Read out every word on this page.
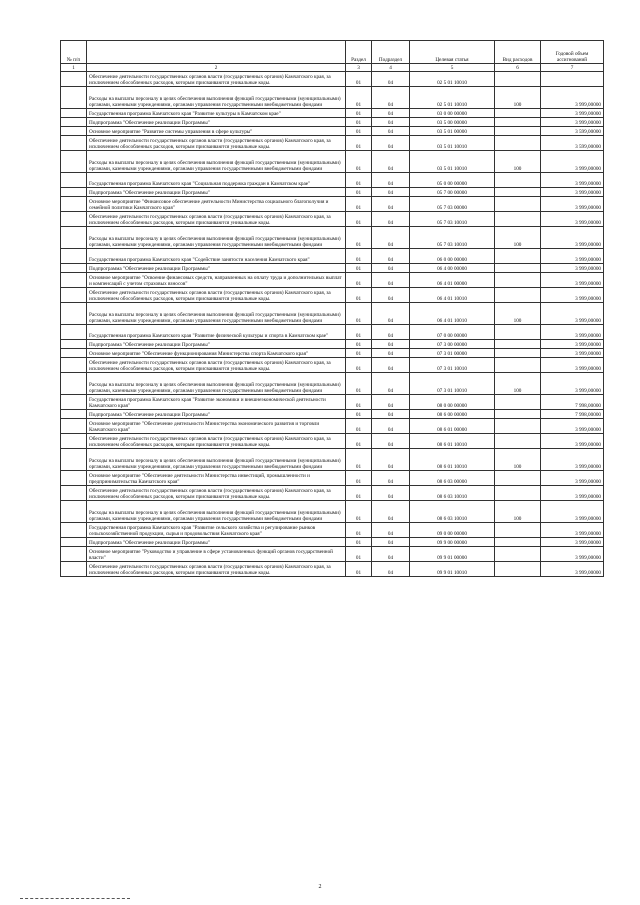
№ п/п		Раздел	Подраздел	Целевая статья	Вид расходов	Годовой объем ассигнований
1	2	3	4	5	6	7
	Обеспечение деятельности государственных органов власти (государственных органов) Камчатского края, за исключением обособленных расходов, которым присваиваются уникальные коды.	01	04	02 5 01 10010		
	Расходы на выплаты персоналу в целях обеспечения выполнения функций государственными (муниципальными) органами, казенными учреждениями, органами управления государственными внебюджетными фондами	01	04	02 5 01 10010	100	3 999,00000
	Государственная программа Камчатского края "Развитие культуры в Камчатском крае"	01	04	03 0 00 00000		3 999,00000
	Подпрограмма "Обеспечение реализации Программы"	01	04	03 5 00 00000		3 999,00000
	Основное мероприятие "Развитие системы управления в сфере культуры"	01	04	03 5 01 00000		3 599,00000
	Обеспечение деятельности государственных органов власти (государственных органов) Камчатского края, за исключением обособленных расходов, которым присваиваются уникальные коды.	01	04	03 5 01 10010		3 599,00000
	Расходы на выплаты персоналу в целях обеспечения выполнения функций государственными (муниципальными) органами, казенными учреждениями, органами управления государственными внебюджетными фондами	01	04	03 5 01 10010	100	3 999,00000
	Государственная программа Камчатского края "Социальная поддержка граждан в Камчатском крае"	01	04	05 0 00 00000		3 999,00000
	Подпрограмма "Обеспечение реализации Программы"	01	04	05 7 00 00000		3 999,00000
	Основное мероприятие "Финансовое обеспечение деятельности Министерства социального благополучия и семейной политики Камчатского края"	01	04	05 7 03 00000		3 999,00000
	Обеспечение деятельности государственных органов власти (государственных органов) Камчатского края, за исключением обособленных расходов, которым присваиваются уникальные коды.	01	04	05 7 03 10010		3 999,00000
	Расходы на выплаты персоналу в целях обеспечения выполнения функций государственными (муниципальными) органами, казенными учреждениями, органами управления государственными внебюджетными фондами	01	04	05 7 03 10010	100	3 999,00000
	Государственная программа Камчатского края "Содействие занятости населения Камчатского края"	01	04	06 0 00 00000		3 999,00000
	Подпрограмма "Обеспечение реализации Программы"	01	04	06 4 00 00000		3 999,00000
	Основное мероприятие "Освоение финансовых средств, направленных на оплату труда и дополнительных выплат и компенсаций с учетом страховых взносов"	01	04	06 4 01 00000		3 999,00000
	Обеспечение деятельности государственных органов власти (государственных органов) Камчатского края, за исключением обособленных расходов, которым присваиваются уникальные коды.	01	04	06 4 01 10010		3 999,00000
	Расходы на выплаты персоналу в целях обеспечения выполнения функций государственными (муниципальными) органами, казенными учреждениями, органами управления государственными внебюджетными фондами	01	04	06 4 01 10010	100	3 999,00000
	Государственная программа Камчатского края "Развитие физической культуры и спорта в Камчатском крае"	01	04	07 0 00 00000		3 999,00000
	Подпрограмма "Обеспечение реализации Программы"	01	04	07 3 00 00000		3 999,00000
	Основное мероприятие "Обеспечение функционирования Министерства спорта Камчатского края"	01	04	07 3 01 00000		3 999,00000
	Обеспечение деятельности государственных органов власти (государственных органов) Камчатского края, за исключением обособленных расходов, которым присваиваются уникальные коды.	01	04	07 3 01 10010		3 999,00000
	Расходы на выплаты персоналу в целях обеспечения выполнения функций государственными (муниципальными) органами, казенными учреждениями, органами управления государственными внебюджетными фондами	01	04	07 3 01 10010	100	3 999,00000
	Государственная программа Камчатского края "Развитие экономики и внешнеэкономической деятельности Камчатского края"	01	04	08 0 00 00000		7 998,00000
	Подпрограмма "Обеспечение реализации Программы"	01	04	08 6 00 00000		7 998,00000
	Основное мероприятие "Обеспечение деятельности Министерства экономического развития и торговли Камчатского края"	01	04	08 6 01 00000		3 999,00000
	Обеспечение деятельности государственных органов власти (государственных органов) Камчатского края, за исключением обособленных расходов, которым присваиваются уникальные коды.	01	04	08 6 01 10010		3 999,00000
	Расходы на выплаты персоналу в целях обеспечения выполнения функций государственными (муниципальными) органами, казенными учреждениями, органами управления государственными внебюджетными фондами	01	04	08 6 01 10010	100	3 999,00000
	Основное мероприятие "Обеспечение деятельности Министерства инвестиций, промышленности и предпринимательства Камчатского края"	01	04	08 6 03 00000		3 999,00000
	Обеспечение деятельности государственных органов власти (государственных органов) Камчатского края, за исключением обособленных расходов, которым присваиваются уникальные коды.	01	04	08 6 03 10010		3 999,00000
	Расходы на выплаты персоналу в целях обеспечения выполнения функций государственными (муниципальными) органами, казенными учреждениями, органами управления государственными внебюджетными фондами	01	04	08 6 03 10010	100	3 999,00000
	Государственная программа Камчатского края "Развитие сельского хозяйства и регулирование рынков сельскохозяйственной продукции, сырья и продовольствия Камчатского края"	01	04	09 0 00 00000		3 999,00000
	Подпрограмма "Обеспечение реализации Программы"	01	04	09 9 00 00000		3 999,00000
	Основное мероприятие "Руководство и управление в сфере установленных функций органов государственной власти"	01	04	09 9 01 00000		3 999,00000
	Обеспечение деятельности государственных органов власти (государственных органов) Камчатского края, за исключением обособленных расходов, которым присваиваются уникальные коды.	01	04	09 9 01 10010		3 999,00000
2
